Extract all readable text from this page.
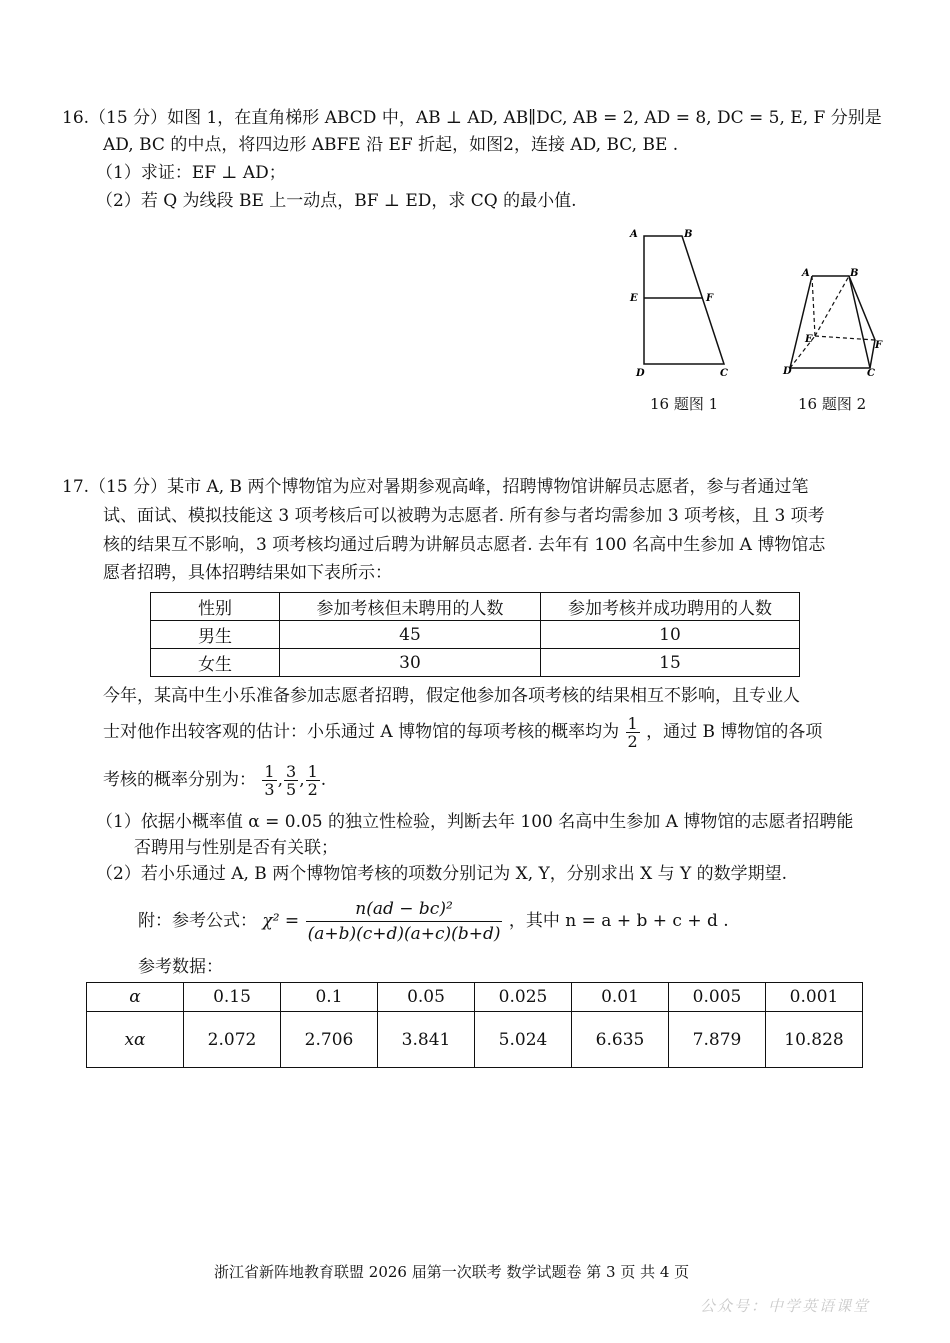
16.（15 分）如图 1，在直角梯形 ABCD 中，AB ⊥ AD, AB∥DC, AB = 2, AD = 8, DC = 5, E, F 分别是
AD, BC 的中点，将四边形 ABFE 沿 EF 折起，如图2，连接 AD, BC, BE .
（1）求证：EF ⊥ AD；
（2）若 Q 为线段 BE 上一动点，BF ⊥ ED，求 CQ 的最小值.
A	B
E	F
D	C
16 题图 1
A	B
E
F
D	C
16 题图 2
17.（15 分）某市 A, B 两个博物馆为应对暑期参观高峰，招聘博物馆讲解员志愿者，参与者通过笔
试、面试、模拟技能这 3 项考核后可以被聘为志愿者. 所有参与者均需参加 3 项考核，且 3 项考
核的结果互不影响，3 项考核均通过后聘为讲解员志愿者. 去年有 100 名高中生参加 A 博物馆志
愿者招聘，具体招聘结果如下表所示：
性别	参加考核但未聘用的人数	参加考核并成功聘用的人数
男生	45	10
女生	30	15
今年，某高中生小乐准备参加志愿者招聘，假定他参加各项考核的结果相互不影响，且专业人
士对他作出较客观的估计：小乐通过 A 博物馆的每项考核的概率均为 $\frac{1}{2}$ ，通过 B 博物馆的各项
考核的概率分别为： $\frac{1}{3}$ , $\frac{3}{5}$ , $\frac{1}{2}$ .
（1）依据小概率值 α = 0.05 的独立性检验，判断去年 100 名高中生参加 A 博物馆的志愿者招聘能
否聘用与性别是否有关联；
（2）若小乐通过 A, B 两个博物馆考核的项数分别记为 X, Y，分别求出 X 与 Y 的数学期望.
附：参考公式： $\chi^2 = \frac{\text{n(ad − bc)²}}{(a+b)(c+d)(a+c)(b+d)}$ ，其中 n = a + b + c + d .
参考数据：
α	0.15	0.1	0.05	0.025	0.01	0.005	0.001
xα	2.072	2.706	3.841	5.024	6.635	7.879	10.828
浙江省新阵地教育联盟 2026 届第一次联考 数学试题卷 第 3 页 共 4 页
公众号：中学英语课堂
